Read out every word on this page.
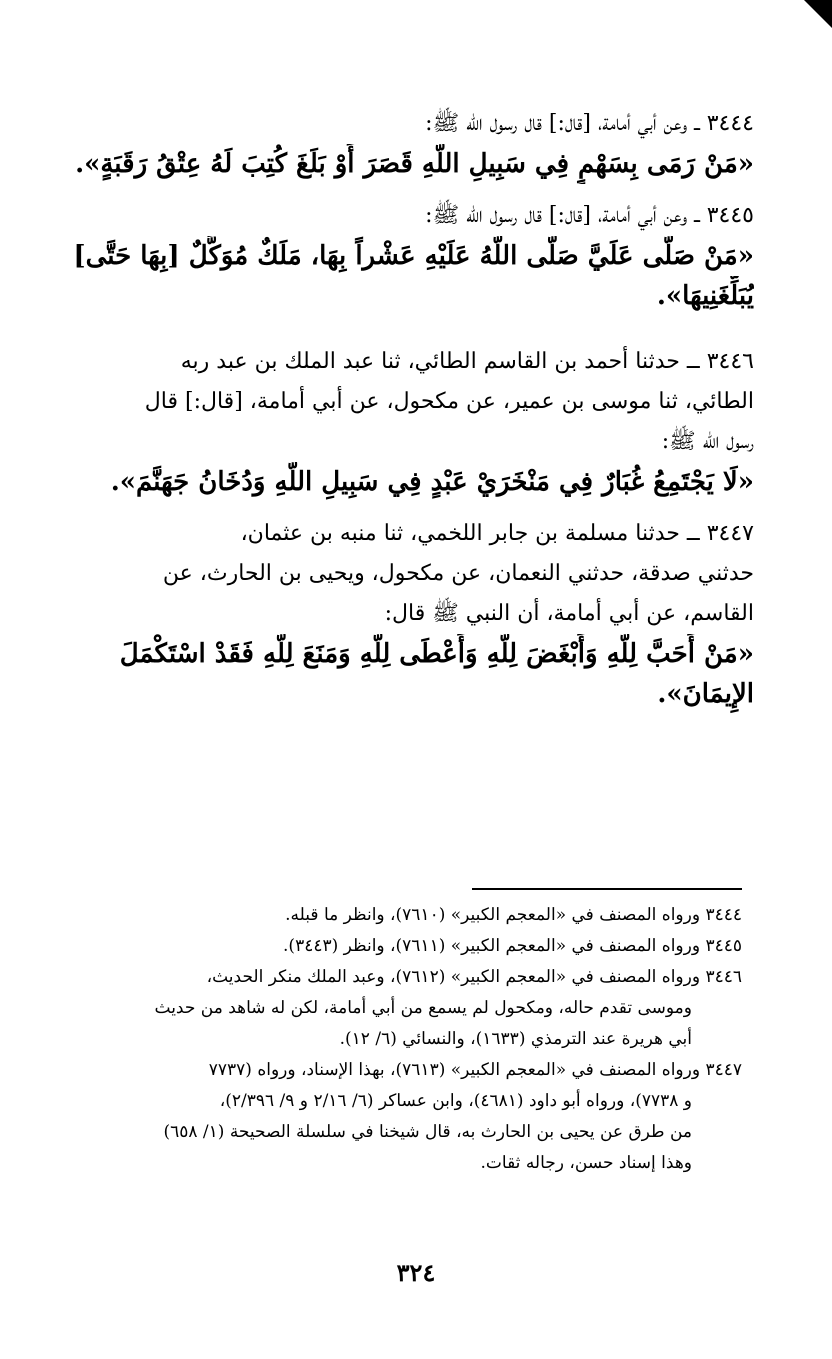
٣٤٤٤ ــ وعن أبي أمامة، [قال:] قال رسول الله ﷺ:
«مَنْ رَمَى بِسَهْمٍ فِي سَبِيلِ اللَّهِ قَصَرَ أَوْ بَلَغَ كُتِبَ لَهُ عِتْقُ رَقَبَةٍ».
٣٤٤٥ ــ وعن أبي أمامة، [قال:] قال رسول الله ﷺ:
«مَنْ صَلَّى عَلَيَّ صَلَّى اللَّهُ عَلَيْهِ عَشْراً بِهَا، مَلَكٌ مُوَكَّلٌ [بِهَا حَتَّى]
يُبَلِّغَنِيهَا».
٣٤٤٦ ــ حدثنا أحمد بن القاسم الطائي، ثنا عبد الملك بن عبد ربه
الطائي، ثنا موسى بن عمير، عن مكحول، عن أبي أمامة، [قال:] قال
رسول الله ﷺ:
«لَا يَجْتَمِعُ غُبَارٌ فِي مَنْخَرَيْ عَبْدٍ فِي سَبِيلِ اللَّهِ وَدُخَانُ جَهَنَّمَ».
٣٤٤٧ ــ حدثنا مسلمة بن جابر اللخمي، ثنا منبه بن عثمان،
حدثني صدقة، حدثني النعمان، عن مكحول، ويحيى بن الحارث، عن
القاسم، عن أبي أمامة، أن النبي ﷺ قال:
«مَنْ أَحَبَّ لِلَّهِ وَأَبْغَضَ لِلَّهِ وَأَعْطَى لِلَّهِ وَمَنَعَ لِلَّهِ فَقَدْ اسْتَكْمَلَ
الإِيمَانَ».
٣٤٤٤ ورواه المصنف في «المعجم الكبير» (٧٦١٠)، وانظر ما قبله.
٣٤٤٥ ورواه المصنف في «المعجم الكبير» (٧٦١١)، وانظر (٣٤٤٣).
٣٤٤٦ ورواه المصنف في «المعجم الكبير» (٧٦١٢)، وعبد الملك منكر الحديث،
وموسى تقدم حاله، ومكحول لم يسمع من أبي أمامة، لكن له شاهد من حديث
أبي هريرة عند الترمذي (١٦٣٣)، والنسائي (٦/ ١٢).
٣٤٤٧ ورواه المصنف في «المعجم الكبير» (٧٦١٣)، بهذا الإسناد، ورواه (٧٧٣٧
و ٧٧٣٨)، ورواه أبو داود (٤٦٨١)، وابن عساكر (٦/ ٢/١٦ و ٩/ ٢/٣٩٦)،
من طرق عن يحيى بن الحارث به، قال شيخنا في سلسلة الصحيحة (١/ ٦٥٨)
وهذا إسناد حسن، رجاله ثقات.
٣٢٤
